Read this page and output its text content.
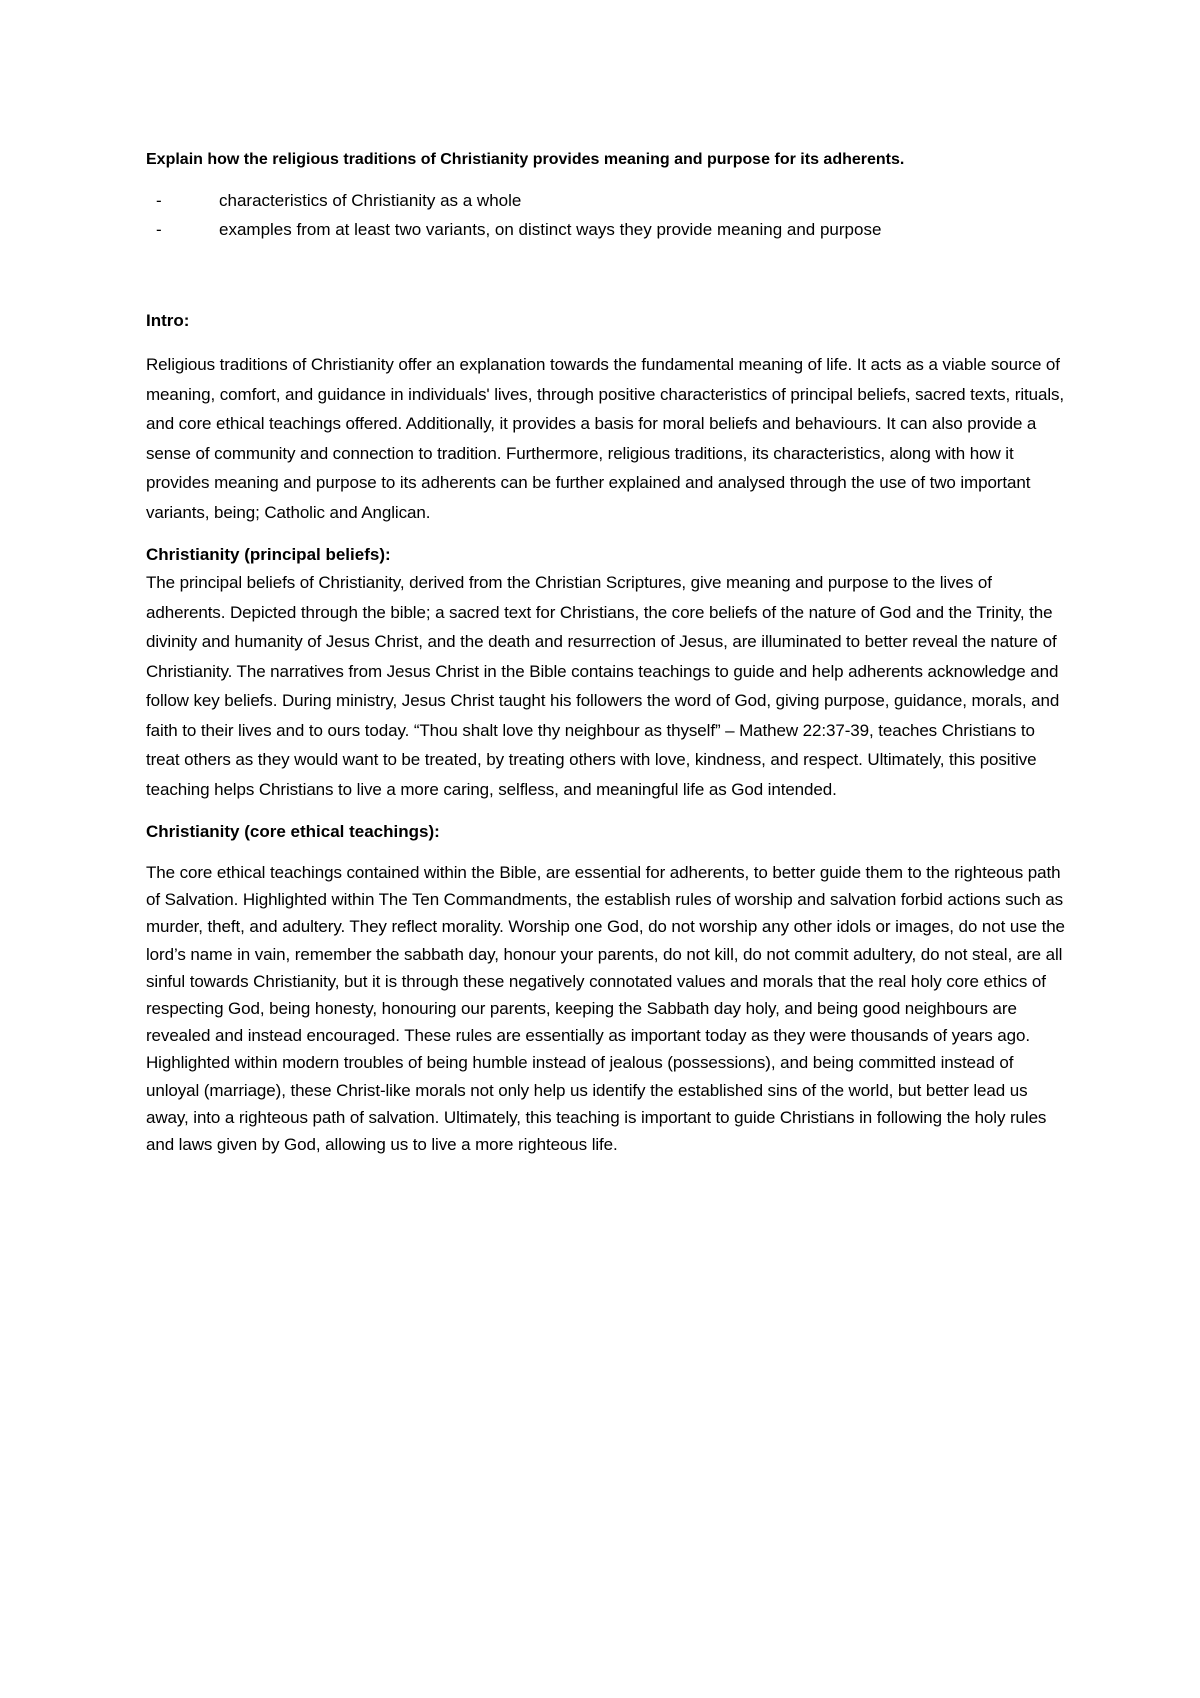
Explain how the religious traditions of Christianity provides meaning and purpose for its adherents.
-	characteristics of Christianity as a whole
-	examples from at least two variants, on distinct ways they provide meaning and purpose
Intro:

Religious traditions of Christianity offer an explanation towards the fundamental meaning of life. It acts as a viable source of meaning, comfort, and guidance in individuals' lives, through positive characteristics of principal beliefs, sacred texts, rituals, and core ethical teachings offered. Additionally, it provides a basis for moral beliefs and behaviours. It can also provide a sense of community and connection to tradition. Furthermore, religious traditions, its characteristics, along with how it provides meaning and purpose to its adherents can be further explained and analysed through the use of two important variants, being; Catholic and Anglican.

Christianity (principal beliefs):

The principal beliefs of Christianity, derived from the Christian Scriptures, give meaning and purpose to the lives of adherents. Depicted through the bible; a sacred text for Christians, the core beliefs of the nature of God and the Trinity, the divinity and humanity of Jesus Christ, and the death and resurrection of Jesus, are illuminated to better reveal the nature of Christianity. The narratives from Jesus Christ in the Bible contains teachings to guide and help adherents acknowledge and follow key beliefs. During ministry, Jesus Christ taught his followers the word of God, giving purpose, guidance, morals, and faith to their lives and to ours today. “Thou shalt love thy neighbour as thyself” – Mathew 22:37-39, teaches Christians to treat others as they would want to be treated, by treating others with love, kindness, and respect. Ultimately, this positive teaching helps Christians to live a more caring, selfless, and meaningful life as God intended.

Christianity (core ethical teachings):

The core ethical teachings contained within the Bible, are essential for adherents, to better guide them to the righteous path of Salvation. Highlighted within The Ten Commandments, the establish rules of worship and salvation forbid actions such as murder, theft, and adultery. They reflect morality. Worship one God, do not worship any other idols or images, do not use the lord’s name in vain, remember the sabbath day, honour your parents, do not kill, do not commit adultery, do not steal, are all sinful towards Christianity, but it is through these negatively connotated values and morals that the real holy core ethics of respecting God, being honesty, honouring our parents, keeping the Sabbath day holy, and being good neighbours are revealed and instead encouraged. These rules are essentially as important today as they were thousands of years ago. Highlighted within modern troubles of being humble instead of jealous (possessions), and being committed instead of unloyal (marriage), these Christ-like morals not only help us identify the established sins of the world, but better lead us away, into a righteous path of salvation. Ultimately, this teaching is important to guide Christians in following the holy rules and laws given by God, allowing us to live a more righteous life.
